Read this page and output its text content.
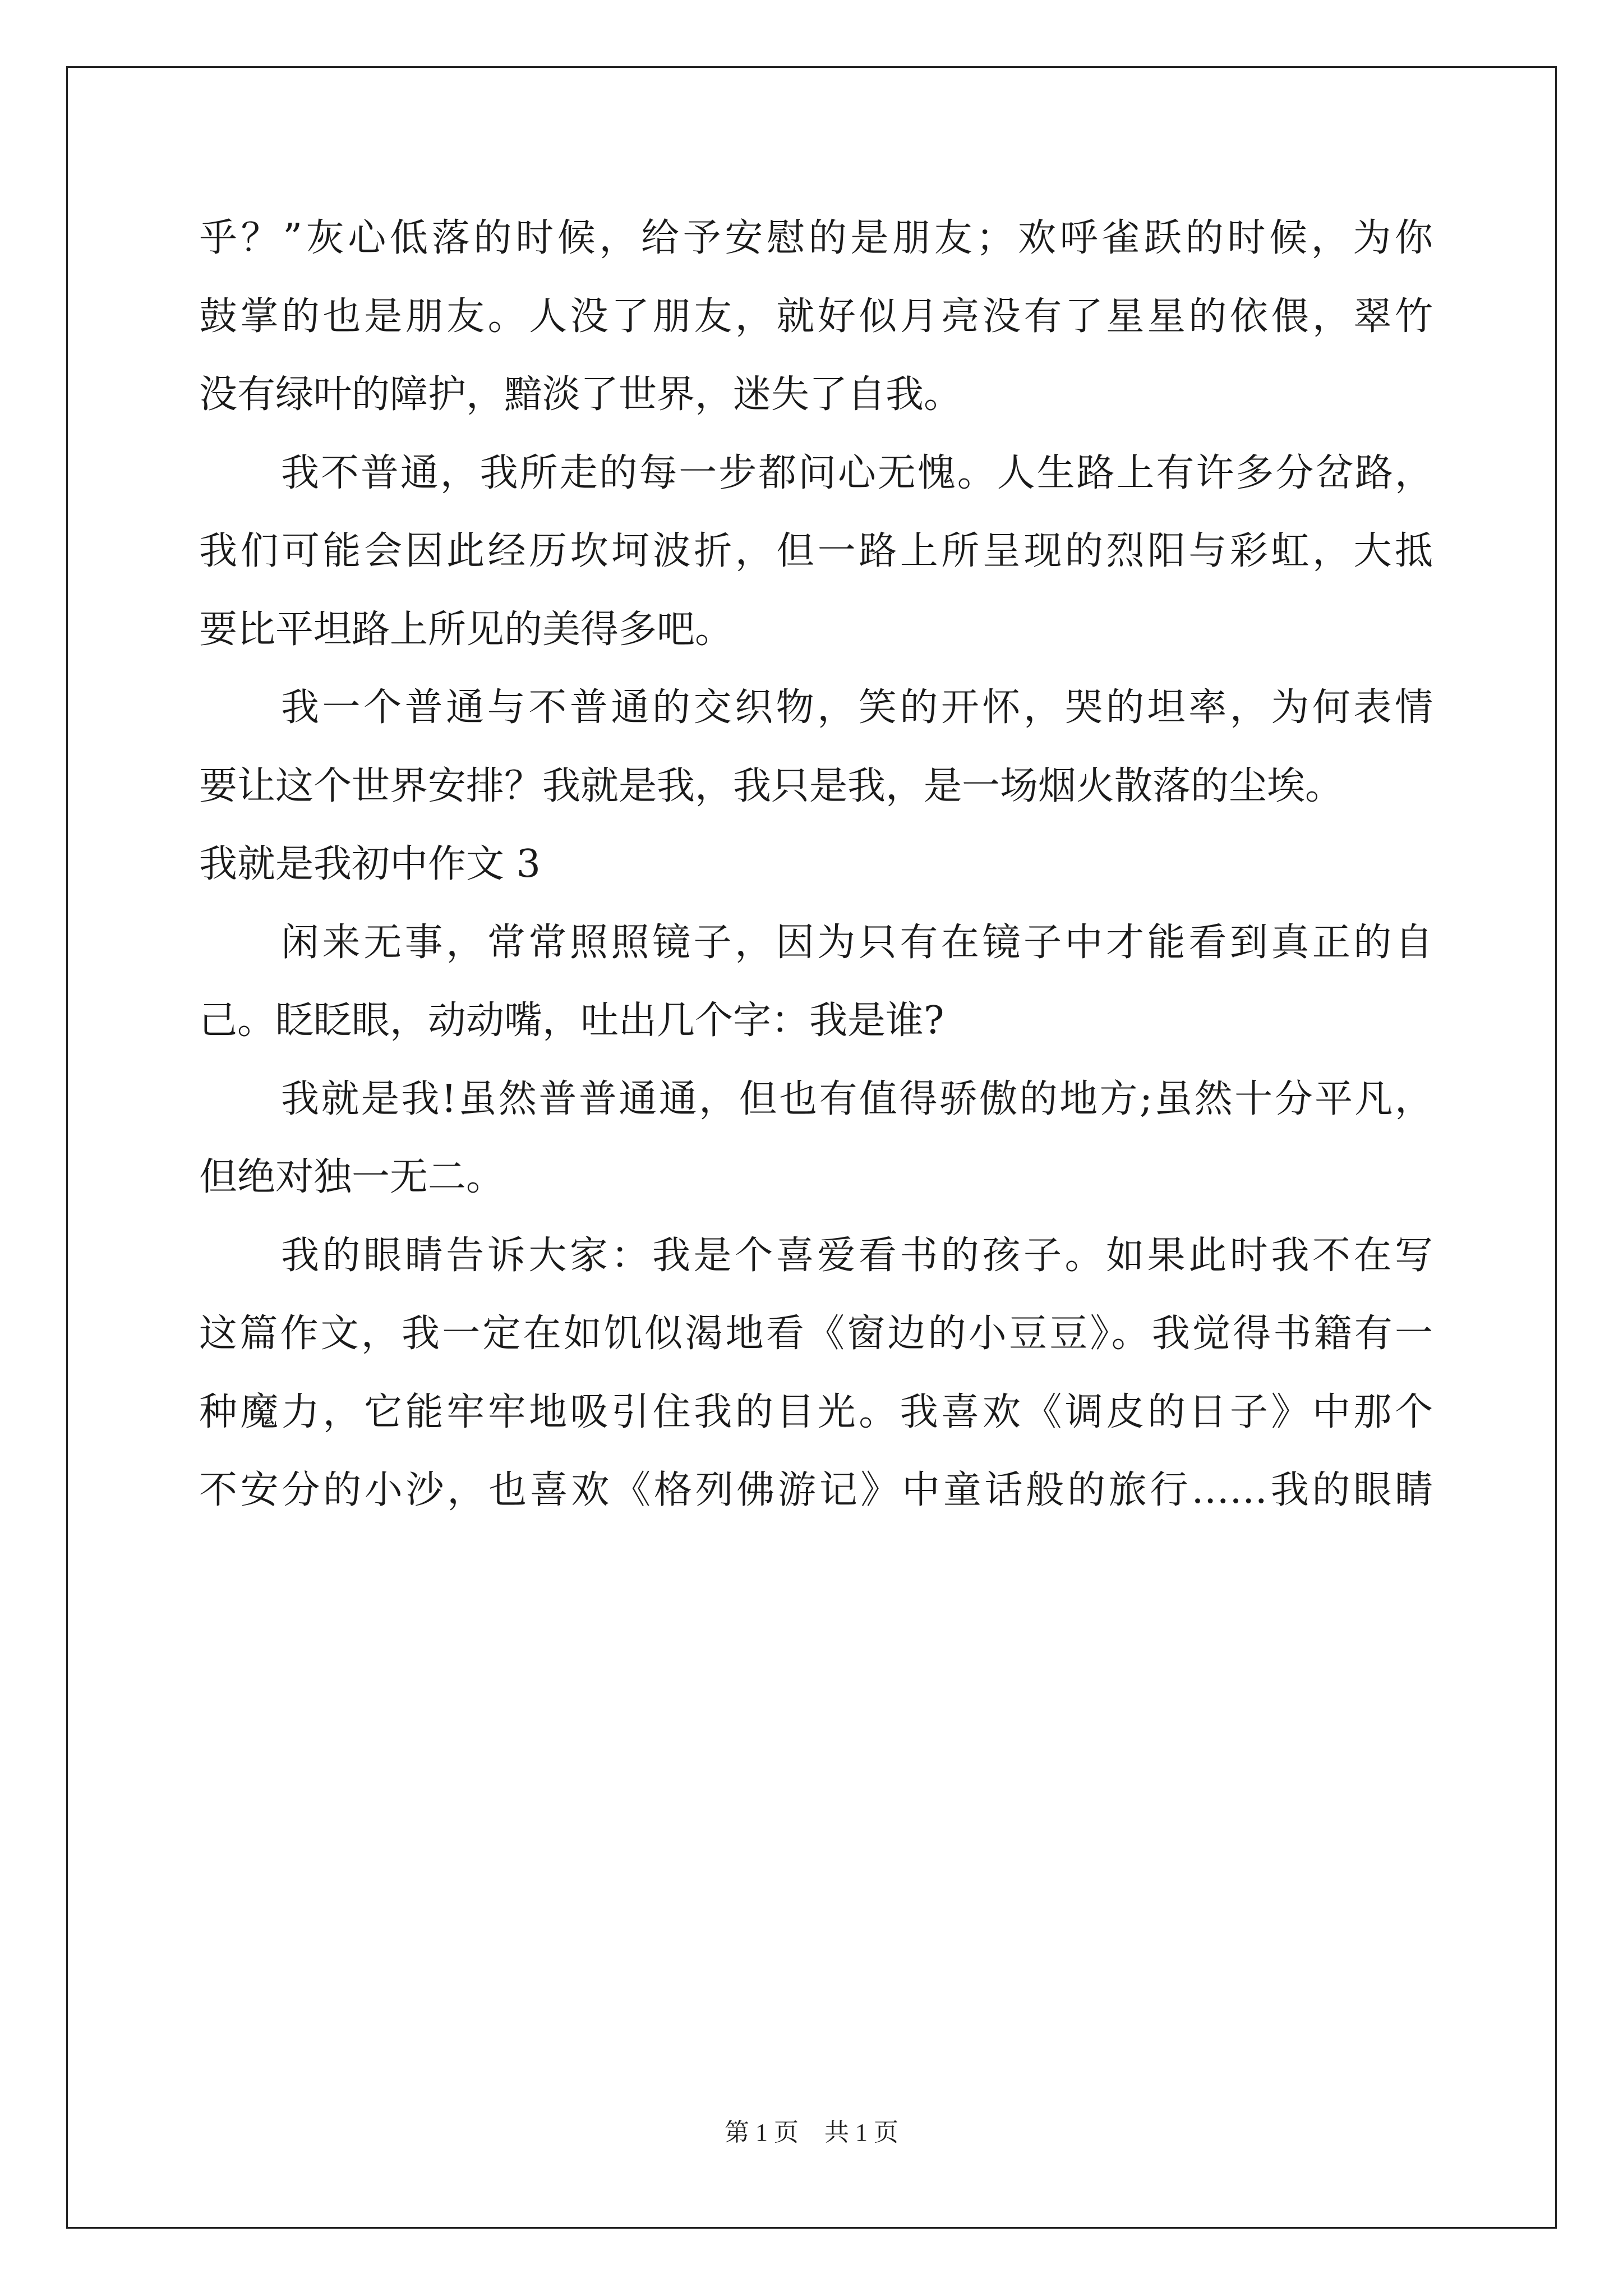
乎？”灰心低落的时候，给予安慰的是朋友；欢呼雀跃的时候，为你
鼓掌的也是朋友。人没了朋友，就好似月亮没有了星星的依偎，翠竹
没有绿叶的障护，黯淡了世界，迷失了自我。
我不普通，我所走的每一步都问心无愧。人生路上有许多分岔路，
我们可能会因此经历坎坷波折，但一路上所呈现的烈阳与彩虹，大抵
要比平坦路上所见的美得多吧。
我一个普通与不普通的交织物，笑的开怀，哭的坦率，为何表情
要让这个世界安排？我就是我，我只是我，是一场烟火散落的尘埃。
我就是我初中作文 3
闲来无事，常常照照镜子，因为只有在镜子中才能看到真正的自
己。眨眨眼，动动嘴，吐出几个字：我是谁?
我就是我!虽然普普通通，但也有值得骄傲的地方;虽然十分平凡，
但绝对独一无二。
我的眼睛告诉大家：我是个喜爱看书的孩子。如果此时我不在写
这篇作文，我一定在如饥似渴地看《窗边的小豆豆》。我觉得书籍有一
种魔力，它能牢牢地吸引住我的目光。我喜欢《调皮的日子》中那个
不安分的小沙，也喜欢《格列佛游记》中童话般的旅行……我的眼睛
第 1 页 共 1 页
